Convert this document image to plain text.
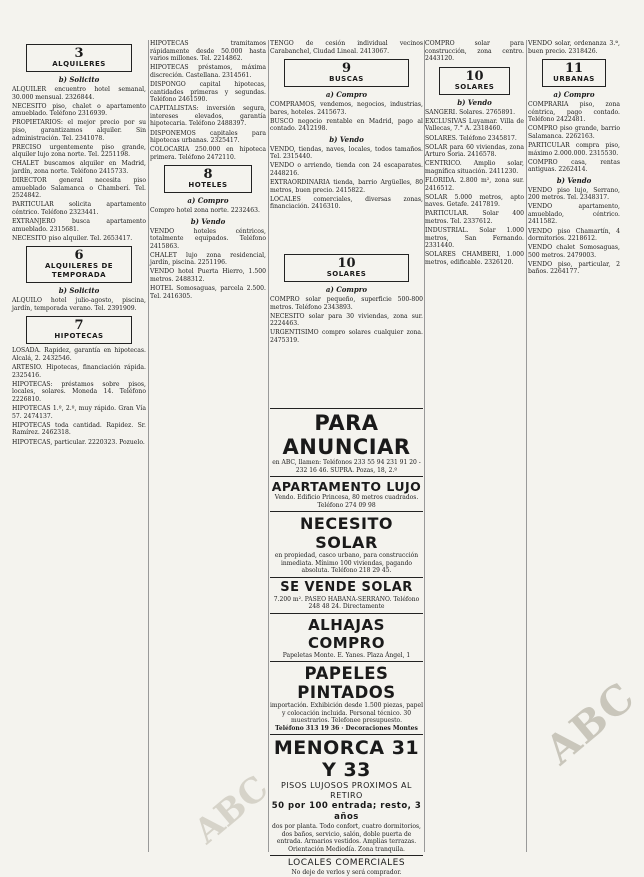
3
ALQUILERES
b) Solicito
ALQUILER encuentro hotel semanal, 30.000 mensual. 2326844.
NECESITO piso, chalet o apartamento amueblado. Teléfono 2316939.
PROPIETARIOS: el mejor precio por su piso, garantizamos alquiler. Sin administración. Tel. 2341078.
PRECISO urgentemente piso grande, alquiler lujo zona norte. Tel. 2251198.
CHALET buscamos alquiler en Madrid, jardín, zona norte. Teléfono 2415733.
DIRECTOR general necesita piso amueblado Salamanca o Chamberí. Tel. 2524842.
PARTICULAR solicita apartamento céntrico. Teléfono 2323441.
EXTRANJERO busca apartamento amueblado. 2315681.
NECESITO piso alquiler. Tel. 2653417.
6
ALQUILERES DE TEMPORADA
b) Solicito
ALQUILO hotel julio-agosto, piscina, jardín, temporada verano. Tel. 2391909.
7
HIPOTECAS
LOSADA. Rapidez, garantía en hipotecas. Alcalá, 2. 2432546.
ARTESIO. Hipotecas, financiación rápida. 2325416.
HIPOTECAS: préstamos sobre pisos, locales, solares. Moneda 14. Teléfono 2226810.
HIPOTECAS 1.º, 2.º, muy rápido. Gran Vía 57. 2474137.
HIPOTECAS toda cantidad. Rapidez. Sr. Ramírez. 2462318.
HIPOTECAS, particular. 2220323. Pozuelo.
HIPOTECAS tramitamos rápidamente desde 50.000 hasta varios millones. Tel. 2214862.
HIPOTECAS préstamos, máxima discreción. Castellana. 2314561.
DISPONGO capital hipotecas, cantidades primeras y segundas. Teléfono 2461590.
CAPITALISTAS: inversión segura, intereses elevados, garantía hipotecaria. Teléfono 2488397.
DISPONEMOS capitales para hipotecas urbanas. 2325417.
COLOCARIA 250.000 en hipoteca primera. Teléfono 2472110.
8
HOTELES
a) Compro
Compro hotel zona norte. 2232463.
b) Vendo
VENDO hoteles céntricos, totalmente equipados. Teléfono 2415863.
CHALET lujo zona residencial, jardín, piscina. 2251196.
VENDO hotel Puerta Hierro, 1.500 metros. 2488312.
HOTEL Somosaguas, parcela 2.500. Tel. 2416305.
TENGO de cesión individual vecinos Carabanchel, Ciudad Lineal. 2413067.
9
BUSCAS
a) Compro
COMPRAMOS, vendemos, negocios, industrias, bares, hoteles. 2415673.
BUSCO negocio rentable en Madrid, pago al contado. 2412198.
b) Vendo
VENDO, tiendas, naves, locales, todos tamaños. Tel. 2315440.
VENDO o arriendo, tienda con 24 escaparates. 2448216.
EXTRAORDINARIA tienda, barrio Argüelles, 80 metros, buen precio. 2415822.
LOCALES comerciales, diversas zonas, financiación. 2416310.
10
SOLARES
a) Compro
COMPRO solar pequeño, superficie 500-800 metros. Teléfono 2343893.
NECESITO solar para 30 viviendas, zona sur. 2224463.
URGENTISIMO compro solares cualquier zona. 2475319.
PARA ANUNCIAR
en ABC, llamen: Teléfonos 233 55 94 231 91 20 - 232 16 46. SUPRA. Pozas, 18, 2.º
APARTAMENTO LUJO
Vendo. Edificio Princesa, 80 metros cuadrados. Teléfono 274 09 98
NECESITO SOLAR
en propiedad, casco urbano, para construcción inmediata. Mínimo 100 viviendas, pagando absoluta. Teléfono 218 29 45.
SE VENDE SOLAR
7.200 m². PASEO HABANA-SERRANO. Teléfono 248 48 24. Directamente
ALHAJAS COMPRO
Papeletas Monte. E. Yanes. Plaza Ángel, 1
PAPELES PINTADOS
importación. Exhibición desde 1.500 piezas, papel y colocación incluida. Personal técnico. 30 muestrarios. Telefonee presupuesto.
Teléfono 313 19 36 · Decoraciones Montes
MENORCA 31 Y 33
PISOS LUJOSOS PROXIMOS AL RETIRO
50 por 100 entrada; resto, 3 años
dos por planta. Todo confort, cuatro dormitorios, dos baños, servicio, salón, doble puerta de entrada. Armarios vestidos. Amplias terrazas. Orientación Mediodía. Zona tranquila.
LOCALES COMERCIALES
No deje de verlos y será comprador.
COMPRO solar para construcción, zona centro. 2443120.
10
SOLARES
b) Vendo
SANGERI. Solares. 2765891.
EXCLUSIVAS Luyamar. Villa de Vallecas, 7.° A. 2318460.
SOLARES. Teléfono 2345817.
SOLAR para 60 viviendas, zona Arturo Soria. 2416578.
CENTRICO. Amplio solar, magnífica situación. 2411230.
FLORIDA. 2.800 m², zona sur. 2416512.
SOLAR 5.000 metros, apto naves. Getafe. 2417819.
PARTICULAR. Solar 400 metros. Tel. 2337612.
INDUSTRIAL. Solar 1.000 metros, San Fernando. 2331440.
SOLARES CHAMBERI, 1.000 metros, edificable. 2326120.
VENDO solar, ordenanza 3.ª, buen precio. 2318426.
11
URBANAS
a) Compro
COMPRARIA piso, zona céntrica, pago contado. Teléfono 2422481.
COMPRO piso grande, barrio Salamanca. 2262163.
PARTICULAR compra piso, máximo 2.000.000. 2315530.
COMPRO casa, rentas antiguas. 2262414.
b) Vendo
VENDO piso lujo, Serrano, 200 metros. Tel. 2348317.
VENDO apartamento, amueblado, céntrico. 2411582.
VENDO piso Chamartín, 4 dormitorios. 2218612.
VENDO chalet Somosaguas, 500 metros. 2479003.
VENDO piso, particular, 2 baños. 2264177.
ABC
ABC
